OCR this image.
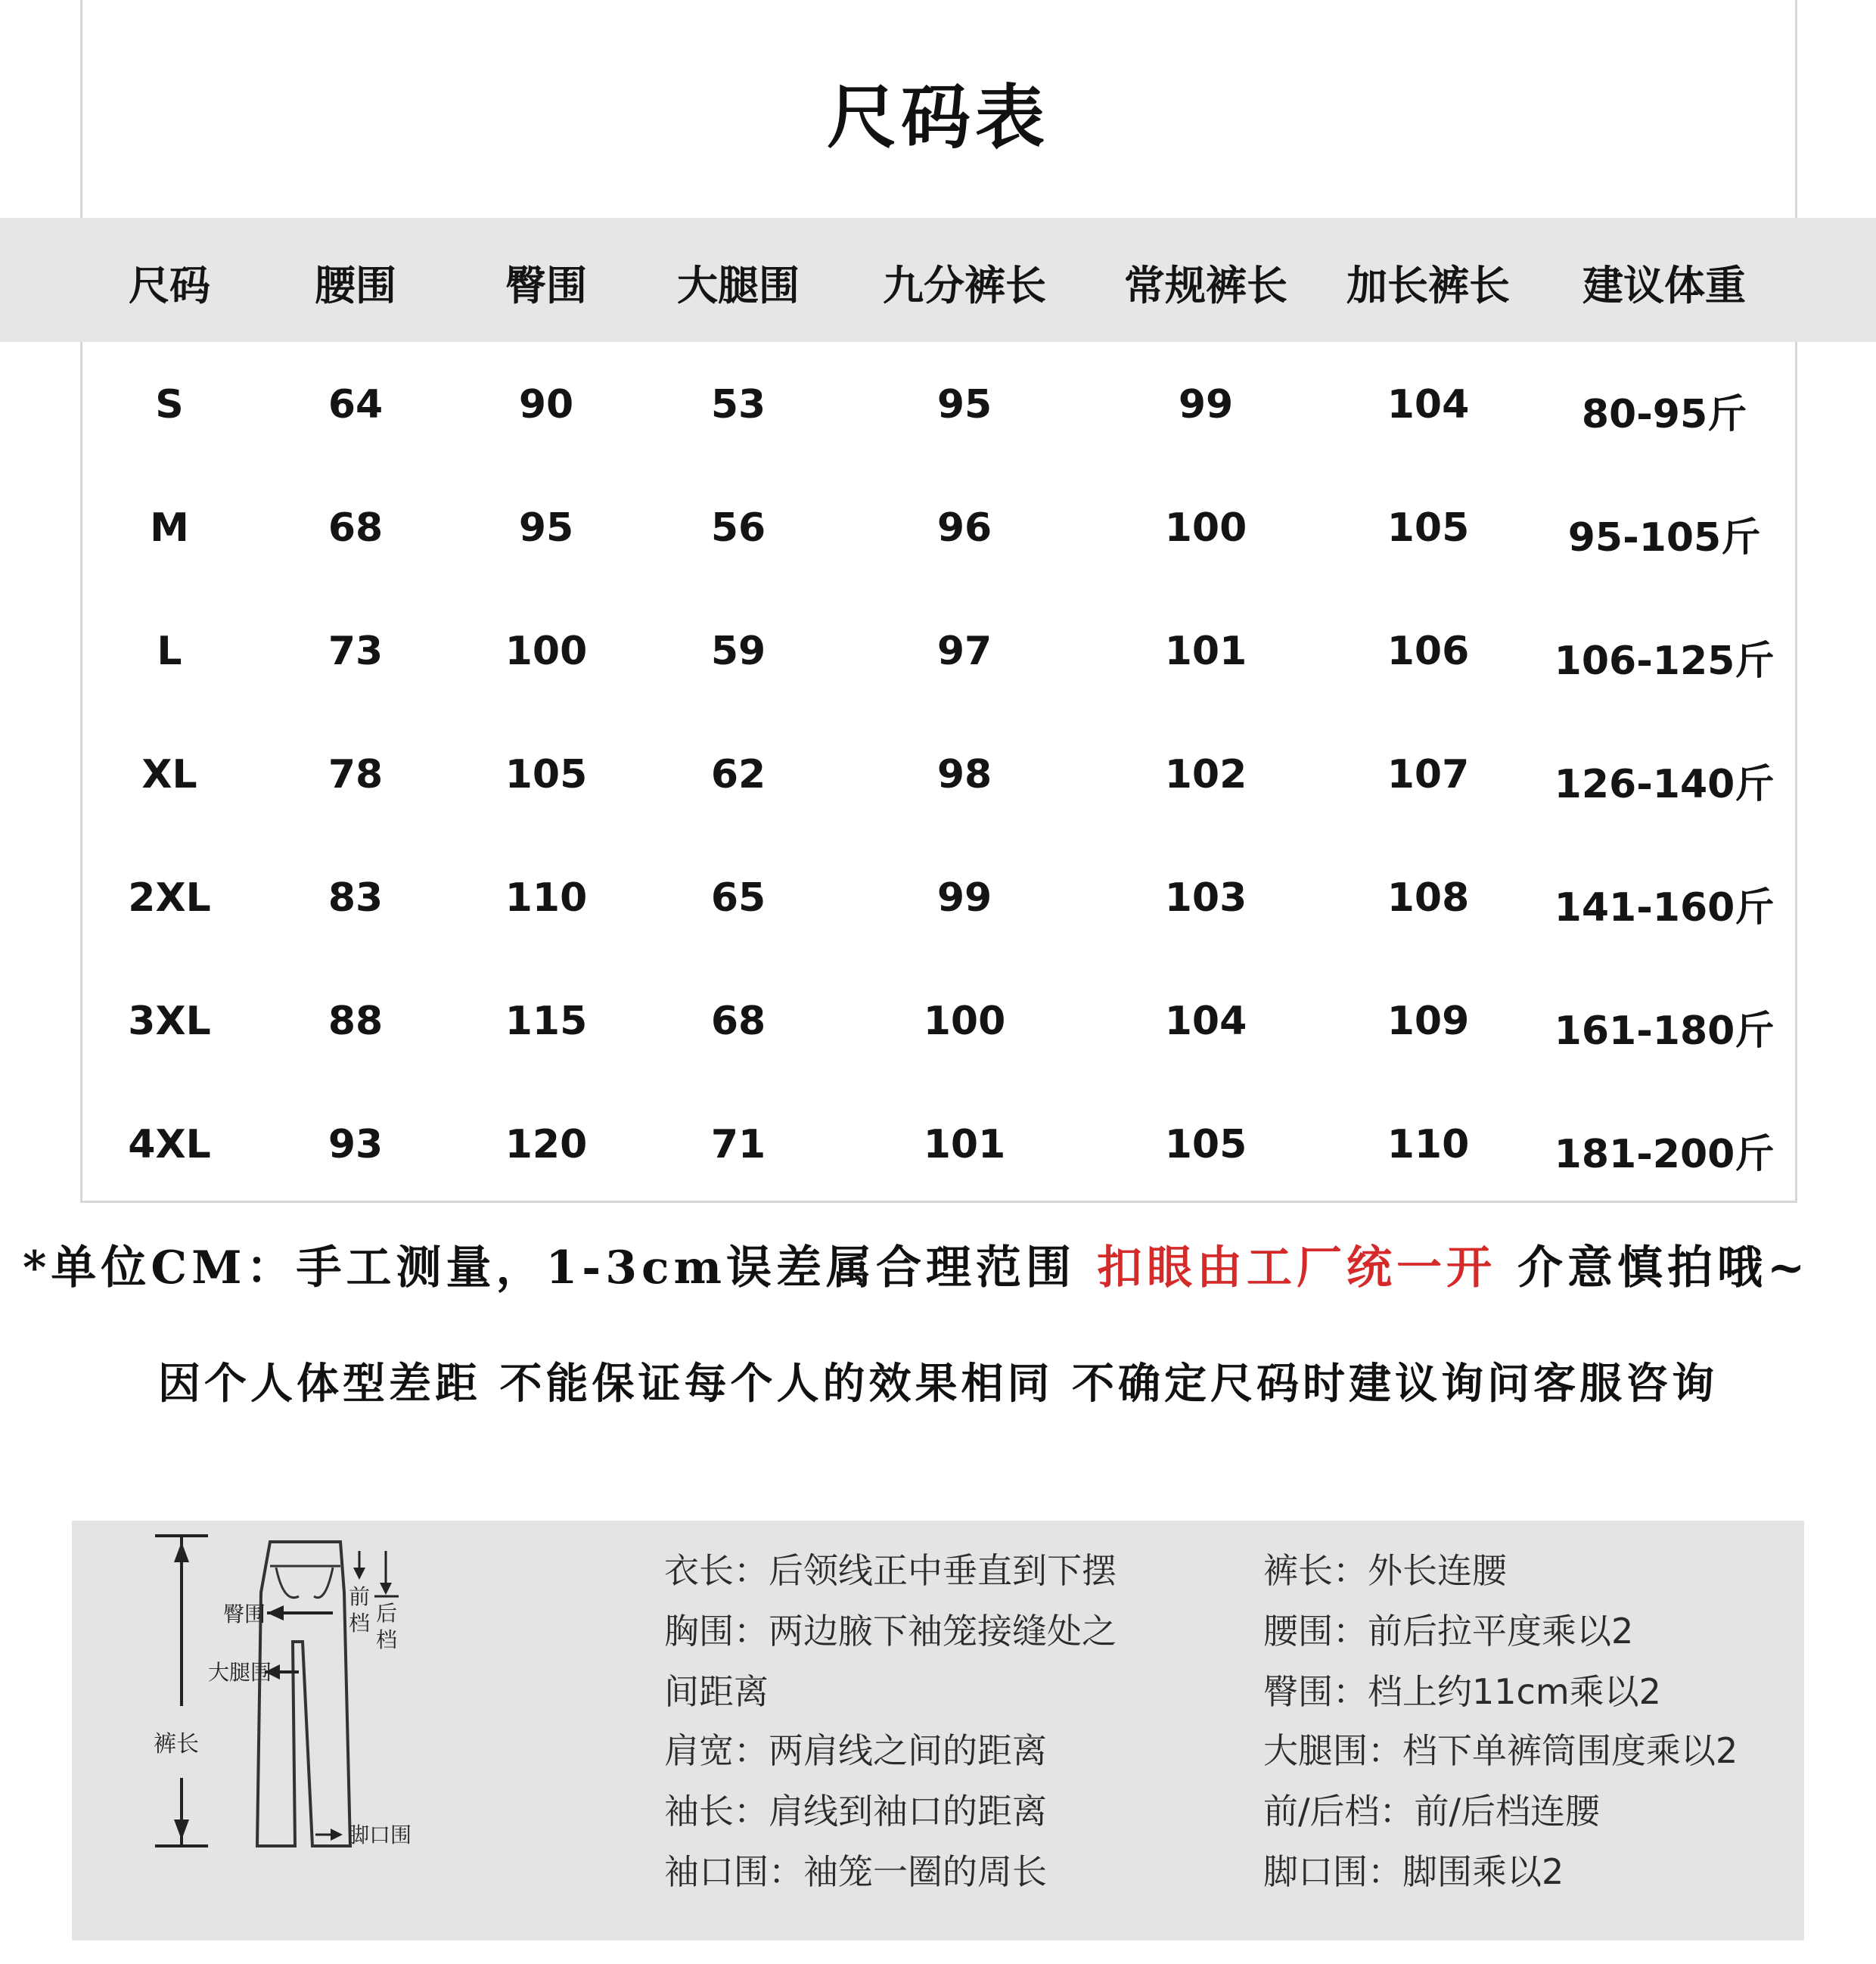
尺码表
尺码	腰围	臀围 大腿围 九分裤长 常规裤长 加长裤长 建议体重
S	64	90	53	95	99	104	80-95斤
M	68	95	56	96	100	105	95-105斤
L	73	100	59	97	101	106 106-125斤
XL	78	105	62	98	102	107 126-140斤
2XL	83	110	65	99	103	108 141-160斤
3XL	88	115	68	100	104	109 161-180斤
4XL	93	120	71	101	105	110 181-200斤
*单位CM：手工测量，1-3cm误差属合理范围 扣眼由工厂统一开 介意慎拍哦~
因个人体型差距 不能保证每个人的效果相同 不确定尺码时建议询问客服咨询
裤长
臀围
大腿围
前档 后档
脚口围
衣长：后领线正中垂直到下摆
胸围：两边腋下袖笼接缝处之
间距离
肩宽：两肩线之间的距离
袖长：肩线到袖口的距离
袖口围：袖笼一圈的周长
裤长：外长连腰
腰围：前后拉平度乘以2
臀围：档上约11cm乘以2
大腿围：档下单裤筒围度乘以2
前/后档：前/后档连腰
脚口围：脚围乘以2
